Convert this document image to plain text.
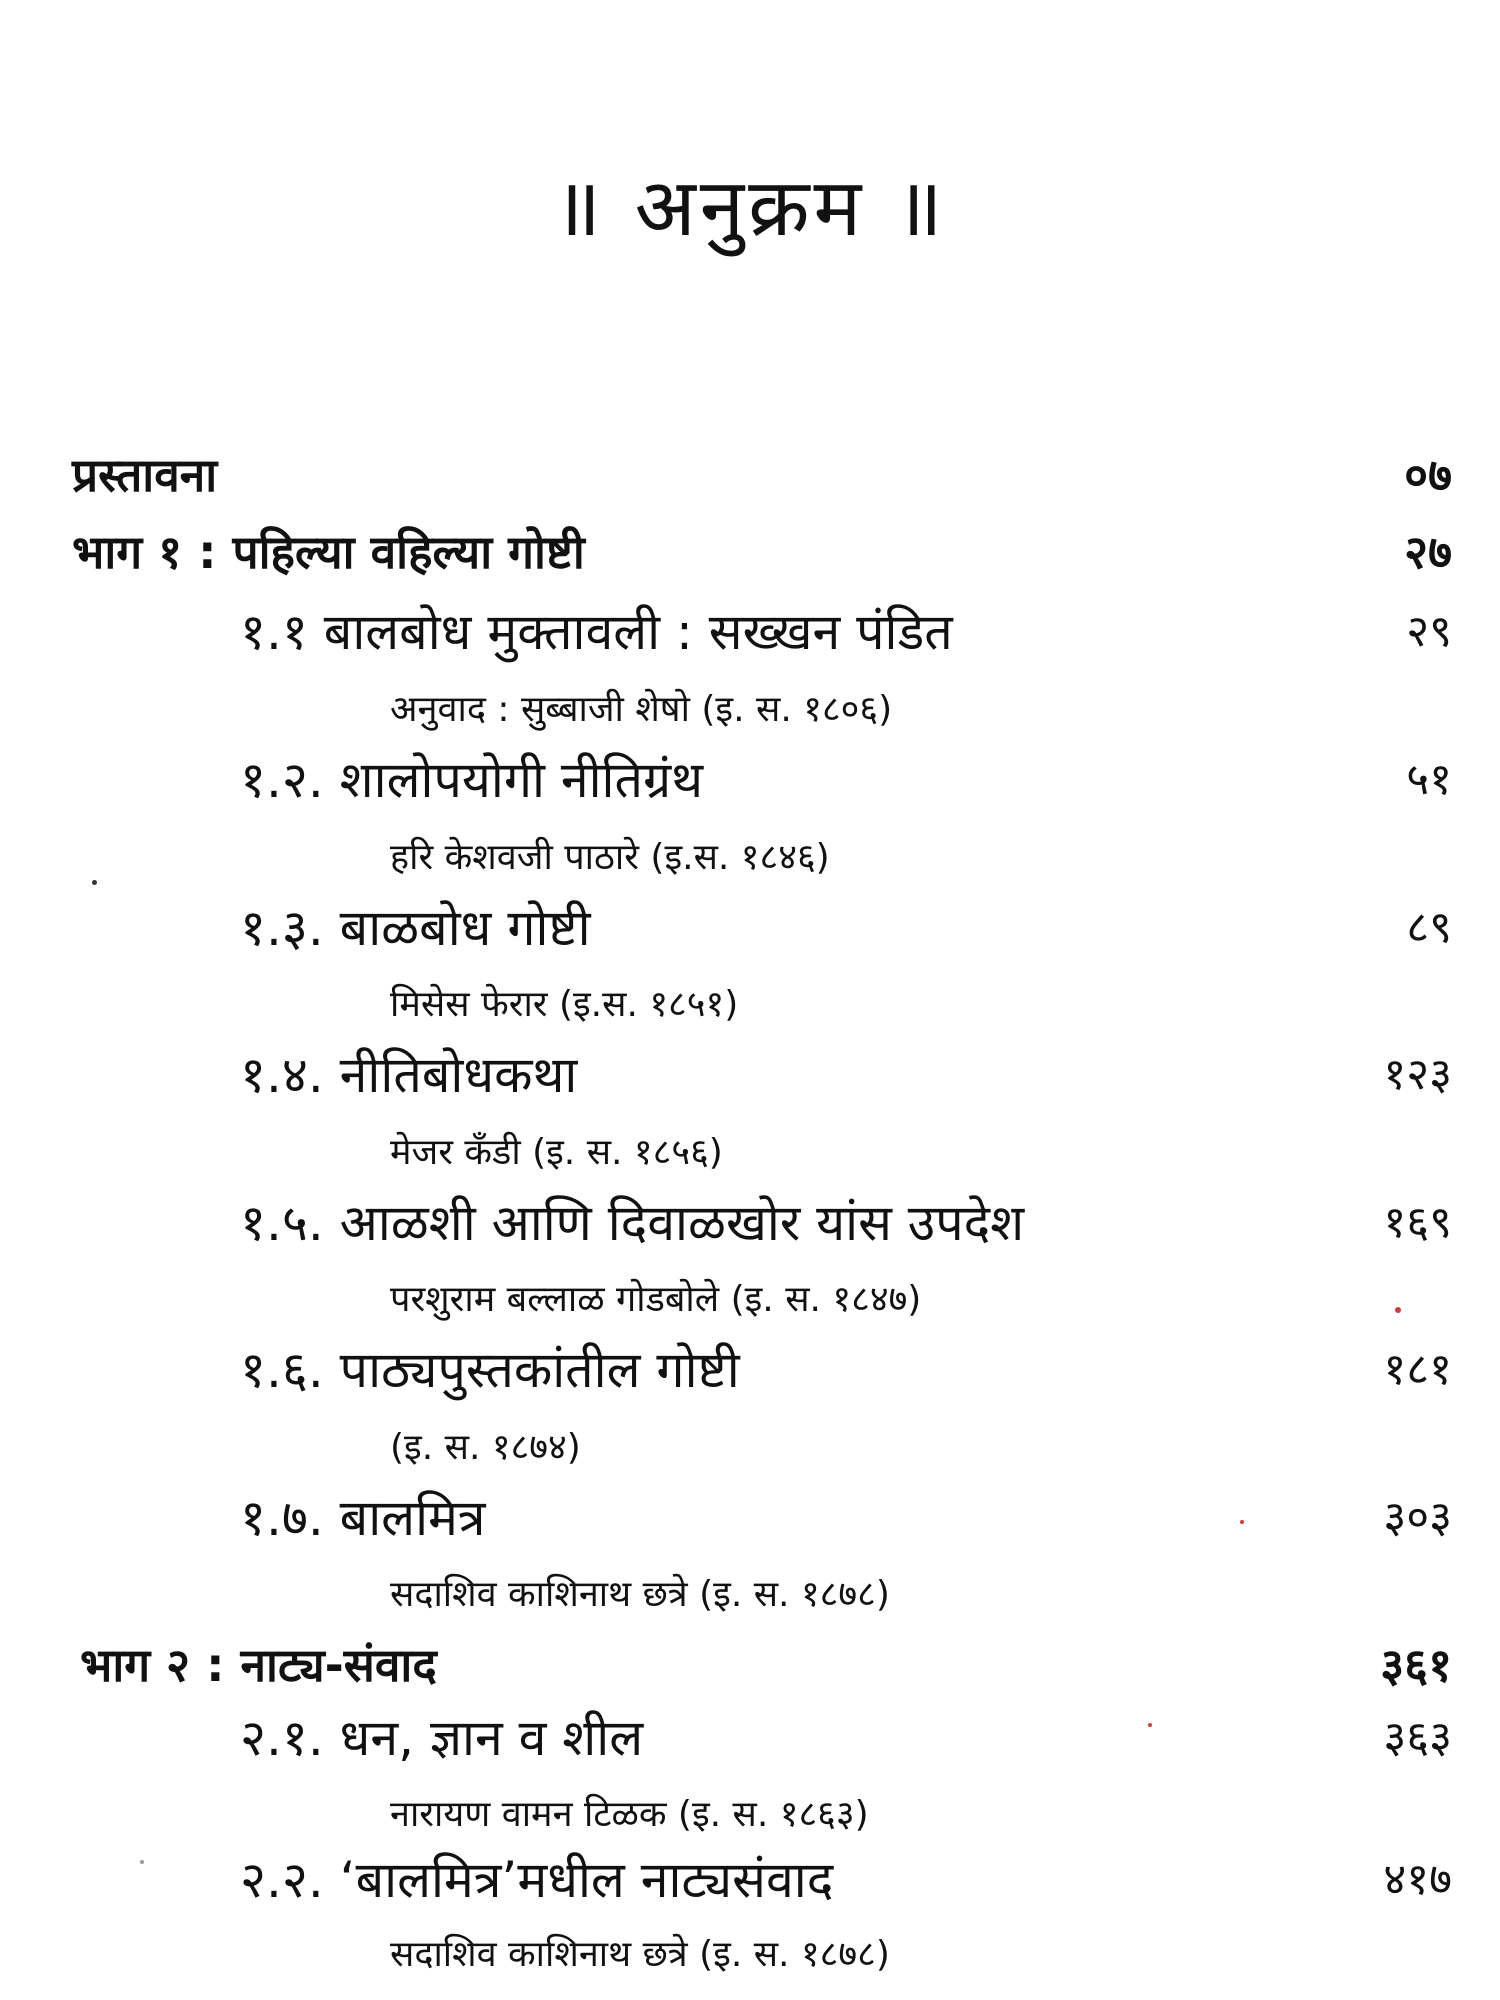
॥ अनुक्रम ॥
प्रस्तावना	०७
भाग १ : पहिल्या वहिल्या गोष्टी	२७
१.१ बालबोध मुक्तावली : सख्खन पंडित	२९
अनुवाद : सुब्बाजी शेषो (इ. स. १८०६)
१.२. शालोपयोगी नीतिग्रंथ	५१
हरि केशवजी पाठारे (इ.स. १८४६)
१.३. बाळबोध गोष्टी	८९
मिसेस फेरार (इ.स. १८५१)
१.४. नीतिबोधकथा	१२३
मेजर कँडी (इ. स. १८५६)
१.५. आळशी आणि दिवाळखोर यांस उपदेश	१६९
परशुराम बल्लाळ गोडबोले (इ. स. १८४७)
१.६. पाठ्यपुस्तकांतील गोष्टी	१८१
(इ. स. १८७४)
१.७. बालमित्र	३०३
सदाशिव काशिनाथ छत्रे (इ. स. १८७८)
भाग २ : नाट्य-संवाद	३६१
२.१. धन, ज्ञान व शील	३६३
नारायण वामन टिळक (इ. स. १८६३)
२.२. ‘बालमित्र’मधील नाट्यसंवाद	४१७
सदाशिव काशिनाथ छत्रे (इ. स. १८७८)
